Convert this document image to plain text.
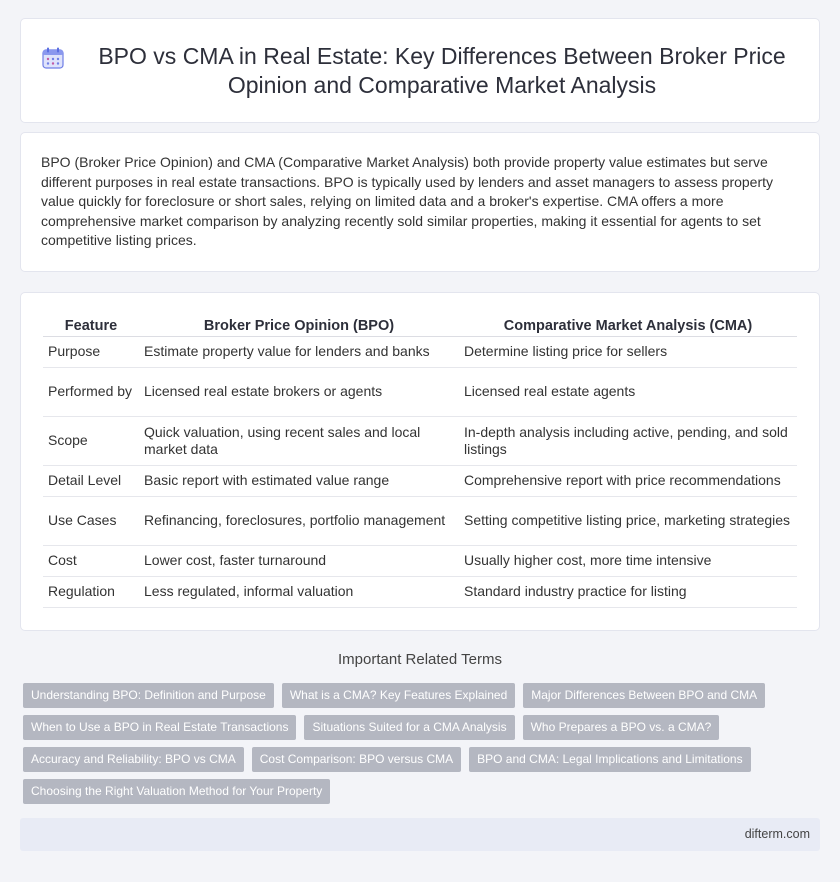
BPO vs CMA in Real Estate: Key Differences Between Broker Price Opinion and Comparative Market Analysis

BPO (Broker Price Opinion) and CMA (Comparative Market Analysis) both provide property value estimates but serve different purposes in real estate transactions. BPO is typically used by lenders and asset managers to assess property value quickly for foreclosure or short sales, relying on limited data and a broker's expertise. CMA offers a more comprehensive market comparison by analyzing recently sold similar properties, making it essential for agents to set competitive listing prices.

Feature	Broker Price Opinion (BPO)	Comparative Market Analysis (CMA)
Purpose	Estimate property value for lenders and banks	Determine listing price for sellers
Performed by	Licensed real estate brokers or agents	Licensed real estate agents
Scope	Quick valuation, using recent sales and local market data	In-depth analysis including active, pending, and sold listings
Detail Level	Basic report with estimated value range	Comprehensive report with price recommendations
Use Cases	Refinancing, foreclosures, portfolio management	Setting competitive listing price, marketing strategies
Cost	Lower cost, faster turnaround	Usually higher cost, more time intensive
Regulation	Less regulated, informal valuation	Standard industry practice for listing
Important Related Terms
Understanding BPO: Definition and Purpose	What is a CMA? Key Features Explained	Major Differences Between BPO and CMA
When to Use a BPO in Real Estate Transactions	Situations Suited for a CMA Analysis	Who Prepares a BPO vs. a CMA?
Accuracy and Reliability: BPO vs CMA	Cost Comparison: BPO versus CMA	BPO and CMA: Legal Implications and Limitations
Choosing the Right Valuation Method for Your Property
difterm.com
